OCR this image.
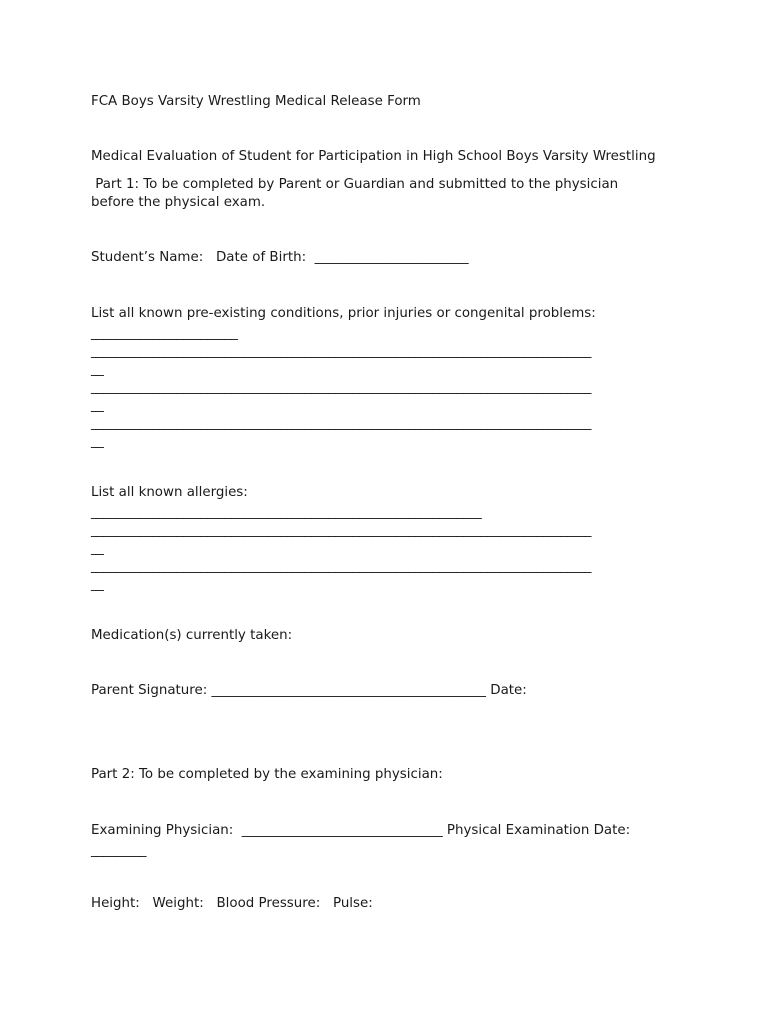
FCA Boys Varsity Wrestling Medical Release Form

Medical Evaluation of Student for Participation in High School Boys Varsity Wrestling

Part 1: To be completed by Parent or Guardian and submitted to the physician

before the physical exam.

Student’s Name:   Date of Birth:  _______________________

List all known pre-existing conditions, prior injuries or congenital problems:

________________________

__________________________________________________________________________________

__

__________________________________________________________________________________

__

__________________________________________________________________________________

__

List all known allergies:

________________________________________________________________

__________________________________________________________________________________

__

__________________________________________________________________________________

__

Medication(s) currently taken:

Parent Signature: _________________________________________ Date:

Part 2: To be completed by the examining physician:

Examining Physician:  ______________________________ Physical Examination Date:

_________

Height:   Weight:   Blood Pressure:   Pulse:
